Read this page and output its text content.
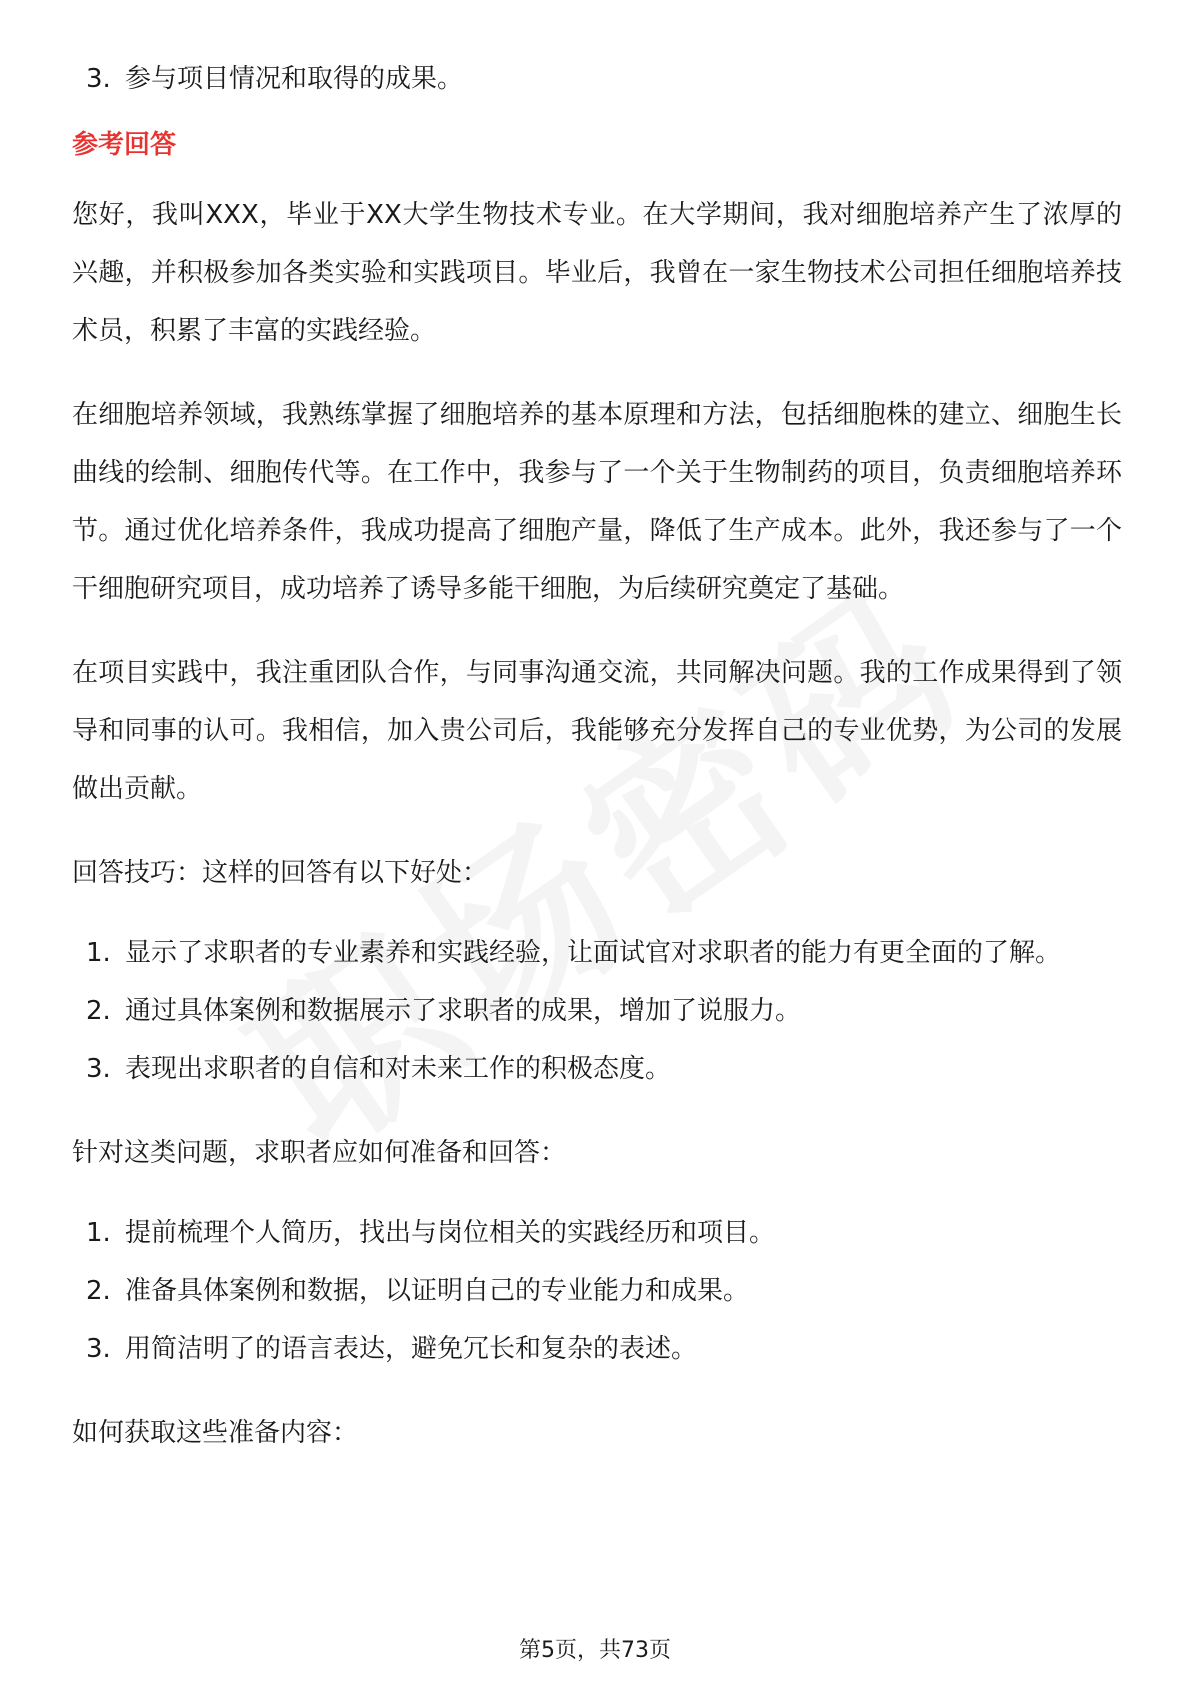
3. 参与项目情况和取得的成果。
参考回答

您好，我叫XXX，毕业于XX大学生物技术专业。在大学期间，我对细胞培养产生了浓厚的兴趣，并积极参加各类实验和实践项目。毕业后，我曾在一家生物技术公司担任细胞培养技术员，积累了丰富的实践经验。

在细胞培养领域，我熟练掌握了细胞培养的基本原理和方法，包括细胞株的建立、细胞生长曲线的绘制、细胞传代等。在工作中，我参与了一个关于生物制药的项目，负责细胞培养环节。通过优化培养条件，我成功提高了细胞产量，降低了生产成本。此外，我还参与了一个干细胞研究项目，成功培养了诱导多能干细胞，为后续研究奠定了基础。

在项目实践中，我注重团队合作，与同事沟通交流，共同解决问题。我的工作成果得到了领导和同事的认可。我相信，加入贵公司后，我能够充分发挥自己的专业优势，为公司的发展做出贡献。

回答技巧：这样的回答有以下好处：
1. 显示了求职者的专业素养和实践经验，让面试官对求职者的能力有更全面的了解。
2. 通过具体案例和数据展示了求职者的成果，增加了说服力。
3. 表现出求职者的自信和对未来工作的积极态度。
针对这类问题，求职者应如何准备和回答：
1. 提前梳理个人简历，找出与岗位相关的实践经历和项目。
2. 准备具体案例和数据，以证明自己的专业能力和成果。
3. 用简洁明了的语言表达，避免冗长和复杂的表述。
如何获取这些准备内容：
第5页，共73页
